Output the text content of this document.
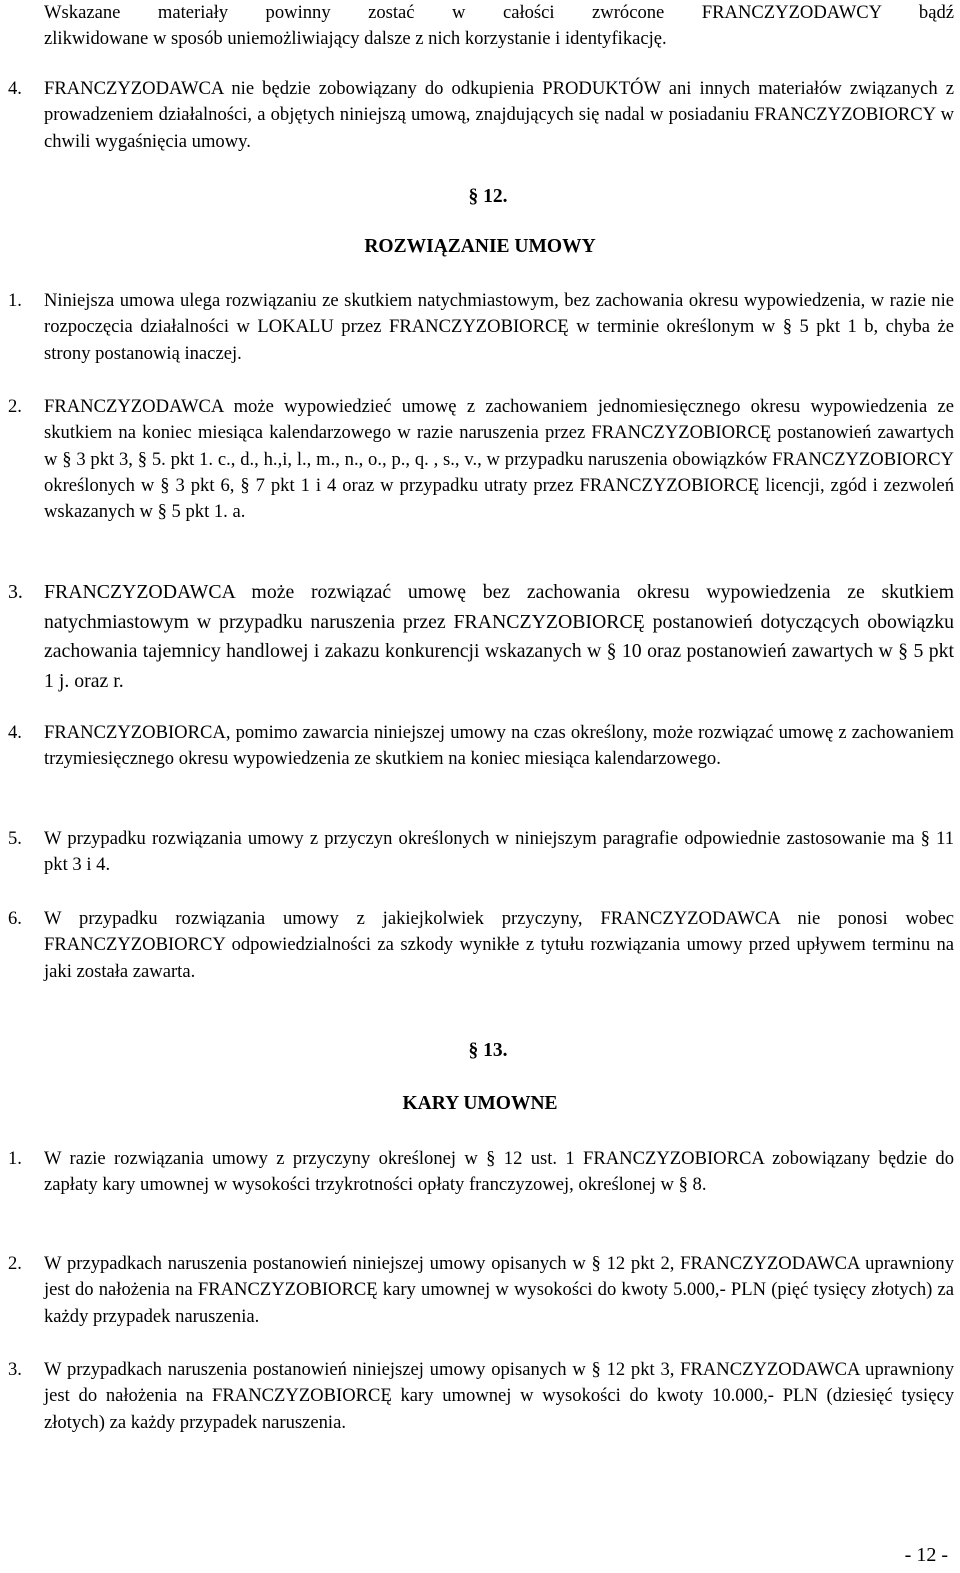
Wskazane materiały powinny zostać w całości zwrócone FRANCZYZODAWCY bądź
zlikwidowane w sposób uniemożliwiający dalsze z nich korzystanie i identyfikację.
4. FRANCZYZODAWCA nie będzie zobowiązany do odkupienia PRODUKTÓW ani innych materiałów związanych z prowadzeniem działalności, a objętych niniejszą umową, znajdujących się nadal w posiadaniu FRANCZYZOBIORCY w chwili wygaśnięcia umowy.
§ 12.
ROZWIĄZANIE UMOWY
1. Niniejsza umowa ulega rozwiązaniu ze skutkiem natychmiastowym, bez zachowania okresu wypowiedzenia, w razie nie rozpoczęcia działalności w LOKALU przez FRANCZYZOBIORCĘ w terminie określonym w § 5 pkt 1 b, chyba że strony postanowią inaczej.
2. FRANCZYZODAWCA może wypowiedzieć umowę z zachowaniem jednomiesięcznego okresu wypowiedzenia ze skutkiem na koniec miesiąca kalendarzowego w razie naruszenia przez FRANCZYZOBIORCĘ postanowień zawartych w § 3 pkt 3, § 5. pkt 1. c., d., h.,i, l., m., n., o., p., q. , s., v., w przypadku naruszenia obowiązków FRANCZYZOBIORCY określonych w § 3 pkt 6, § 7 pkt 1 i 4 oraz w przypadku utraty przez FRANCZYZOBIORCĘ licencji, zgód i zezwoleń wskazanych w § 5 pkt 1. a.
3. FRANCZYZODAWCA może rozwiązać umowę bez zachowania okresu wypowiedzenia ze skutkiem natychmiastowym w przypadku naruszenia przez FRANCZYZOBIORCĘ postanowień dotyczących obowiązku zachowania tajemnicy handlowej i zakazu konkurencji wskazanych w § 10 oraz postanowień zawartych w § 5 pkt 1 j. oraz r.
4. FRANCZYZOBIORCA, pomimo zawarcia niniejszej umowy na czas określony, może rozwiązać umowę z zachowaniem trzymiesięcznego okresu wypowiedzenia ze skutkiem na koniec miesiąca kalendarzowego.
5. W przypadku rozwiązania umowy z przyczyn określonych w niniejszym paragrafie odpowiednie zastosowanie ma § 11 pkt 3 i 4.
6. W przypadku rozwiązania umowy z jakiejkolwiek przyczyny, FRANCZYZODAWCA nie ponosi wobec FRANCZYZOBIORCY odpowiedzialności za szkody wynikłe z tytułu rozwiązania umowy przed upływem terminu na jaki została zawarta.
§ 13.
KARY UMOWNE
1. W razie rozwiązania umowy z przyczyny określonej w § 12 ust. 1 FRANCZYZOBIORCA zobowiązany będzie do zapłaty kary umownej w wysokości trzykrotności opłaty franczyzowej, określonej w § 8.
2. W przypadkach naruszenia postanowień niniejszej umowy opisanych w § 12 pkt 2, FRANCZYZODAWCA uprawniony jest do nałożenia na FRANCZYZOBIORCĘ kary umownej w wysokości do kwoty 5.000,- PLN (pięć tysięcy złotych) za każdy przypadek naruszenia.
3. W przypadkach naruszenia postanowień niniejszej umowy opisanych w § 12 pkt 3, FRANCZYZODAWCA uprawniony jest do nałożenia na FRANCZYZOBIORCĘ kary umownej w wysokości do kwoty 10.000,- PLN (dziesięć tysięcy złotych) za każdy przypadek naruszenia.
- 12 -
